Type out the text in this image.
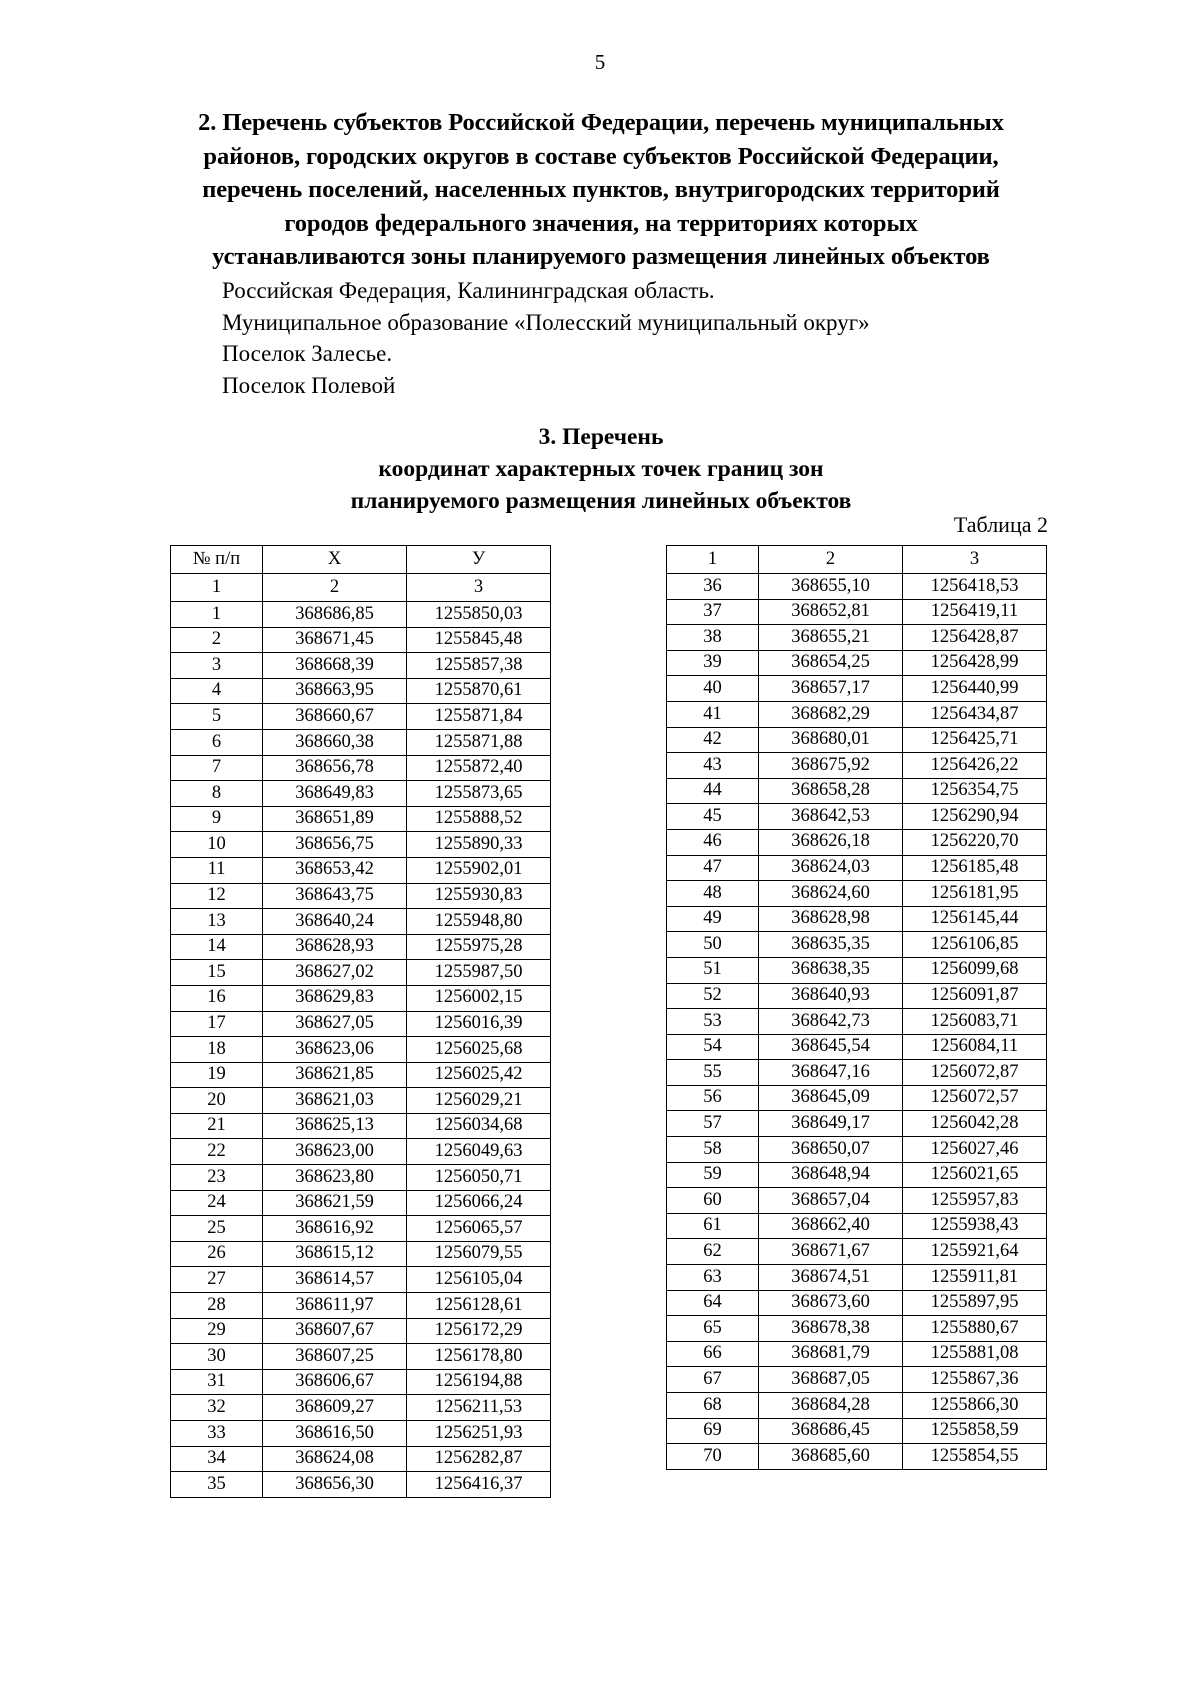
5
2. Перечень субъектов Российской Федерации, перечень муниципальных
районов, городских округов в составе субъектов Российской Федерации,
перечень поселений, населенных пунктов, внутригородских территорий
городов федерального значения, на территориях которых
устанавливаются зоны планируемого размещения линейных объектов
Российская Федерация, Калининградская область.
Муниципальное образование «Полесский муниципальный округ»
Поселок Залесье.
Поселок Полевой
3. Перечень
координат характерных точек границ зон
планируемого размещения линейных объектов
Таблица 2
№ п/п	Х	У
1	2	3
1	368686,85	1255850,03
2	368671,45	1255845,48
3	368668,39	1255857,38
4	368663,95	1255870,61
5	368660,67	1255871,84
6	368660,38	1255871,88
7	368656,78	1255872,40
8	368649,83	1255873,65
9	368651,89	1255888,52
10	368656,75	1255890,33
11	368653,42	1255902,01
12	368643,75	1255930,83
13	368640,24	1255948,80
14	368628,93	1255975,28
15	368627,02	1255987,50
16	368629,83	1256002,15
17	368627,05	1256016,39
18	368623,06	1256025,68
19	368621,85	1256025,42
20	368621,03	1256029,21
21	368625,13	1256034,68
22	368623,00	1256049,63
23	368623,80	1256050,71
24	368621,59	1256066,24
25	368616,92	1256065,57
26	368615,12	1256079,55
27	368614,57	1256105,04
28	368611,97	1256128,61
29	368607,67	1256172,29
30	368607,25	1256178,80
31	368606,67	1256194,88
32	368609,27	1256211,53
33	368616,50	1256251,93
34	368624,08	1256282,87
35	368656,30	1256416,37
1	2	3
36	368655,10	1256418,53
37	368652,81	1256419,11
38	368655,21	1256428,87
39	368654,25	1256428,99
40	368657,17	1256440,99
41	368682,29	1256434,87
42	368680,01	1256425,71
43	368675,92	1256426,22
44	368658,28	1256354,75
45	368642,53	1256290,94
46	368626,18	1256220,70
47	368624,03	1256185,48
48	368624,60	1256181,95
49	368628,98	1256145,44
50	368635,35	1256106,85
51	368638,35	1256099,68
52	368640,93	1256091,87
53	368642,73	1256083,71
54	368645,54	1256084,11
55	368647,16	1256072,87
56	368645,09	1256072,57
57	368649,17	1256042,28
58	368650,07	1256027,46
59	368648,94	1256021,65
60	368657,04	1255957,83
61	368662,40	1255938,43
62	368671,67	1255921,64
63	368674,51	1255911,81
64	368673,60	1255897,95
65	368678,38	1255880,67
66	368681,79	1255881,08
67	368687,05	1255867,36
68	368684,28	1255866,30
69	368686,45	1255858,59
70	368685,60	1255854,55
